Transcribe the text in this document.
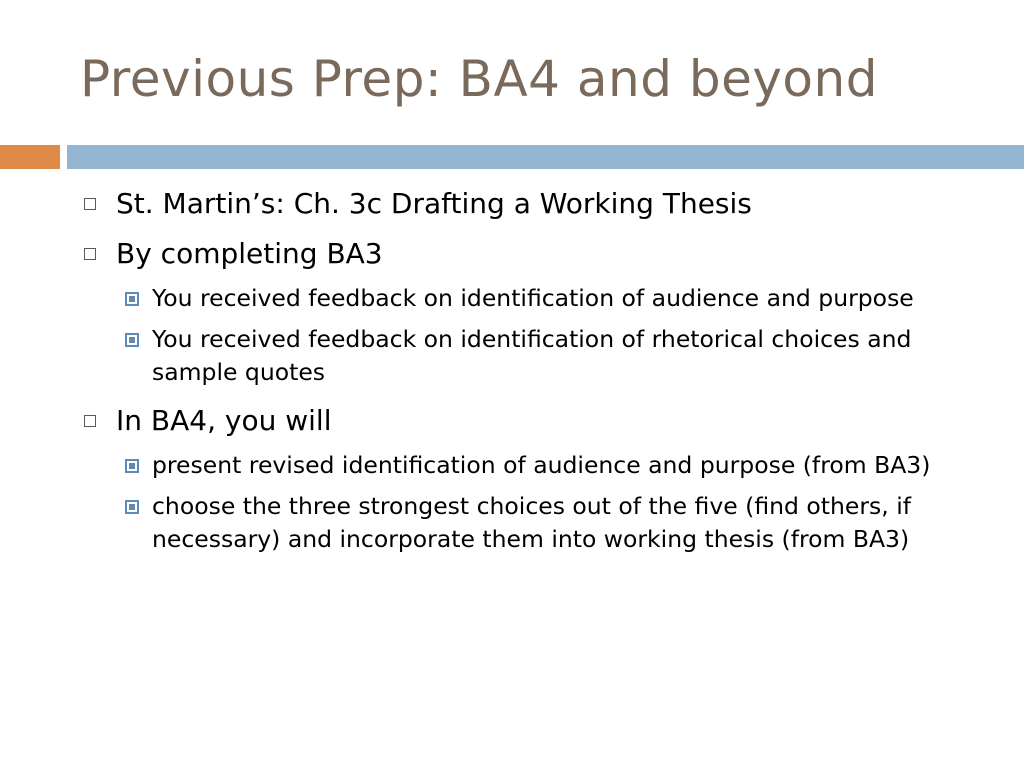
Previous Prep: BA4 and beyond
St. Martin’s: Ch. 3c Drafting a Working Thesis
By completing BA3
You received feedback on identification of audience and purpose
You received feedback on identification of rhetorical choices and sample quotes
In BA4, you will
present revised identification of audience and purpose (from BA3)
choose the three strongest choices out of the five (find others, if necessary) and incorporate them into working thesis (from BA3)
